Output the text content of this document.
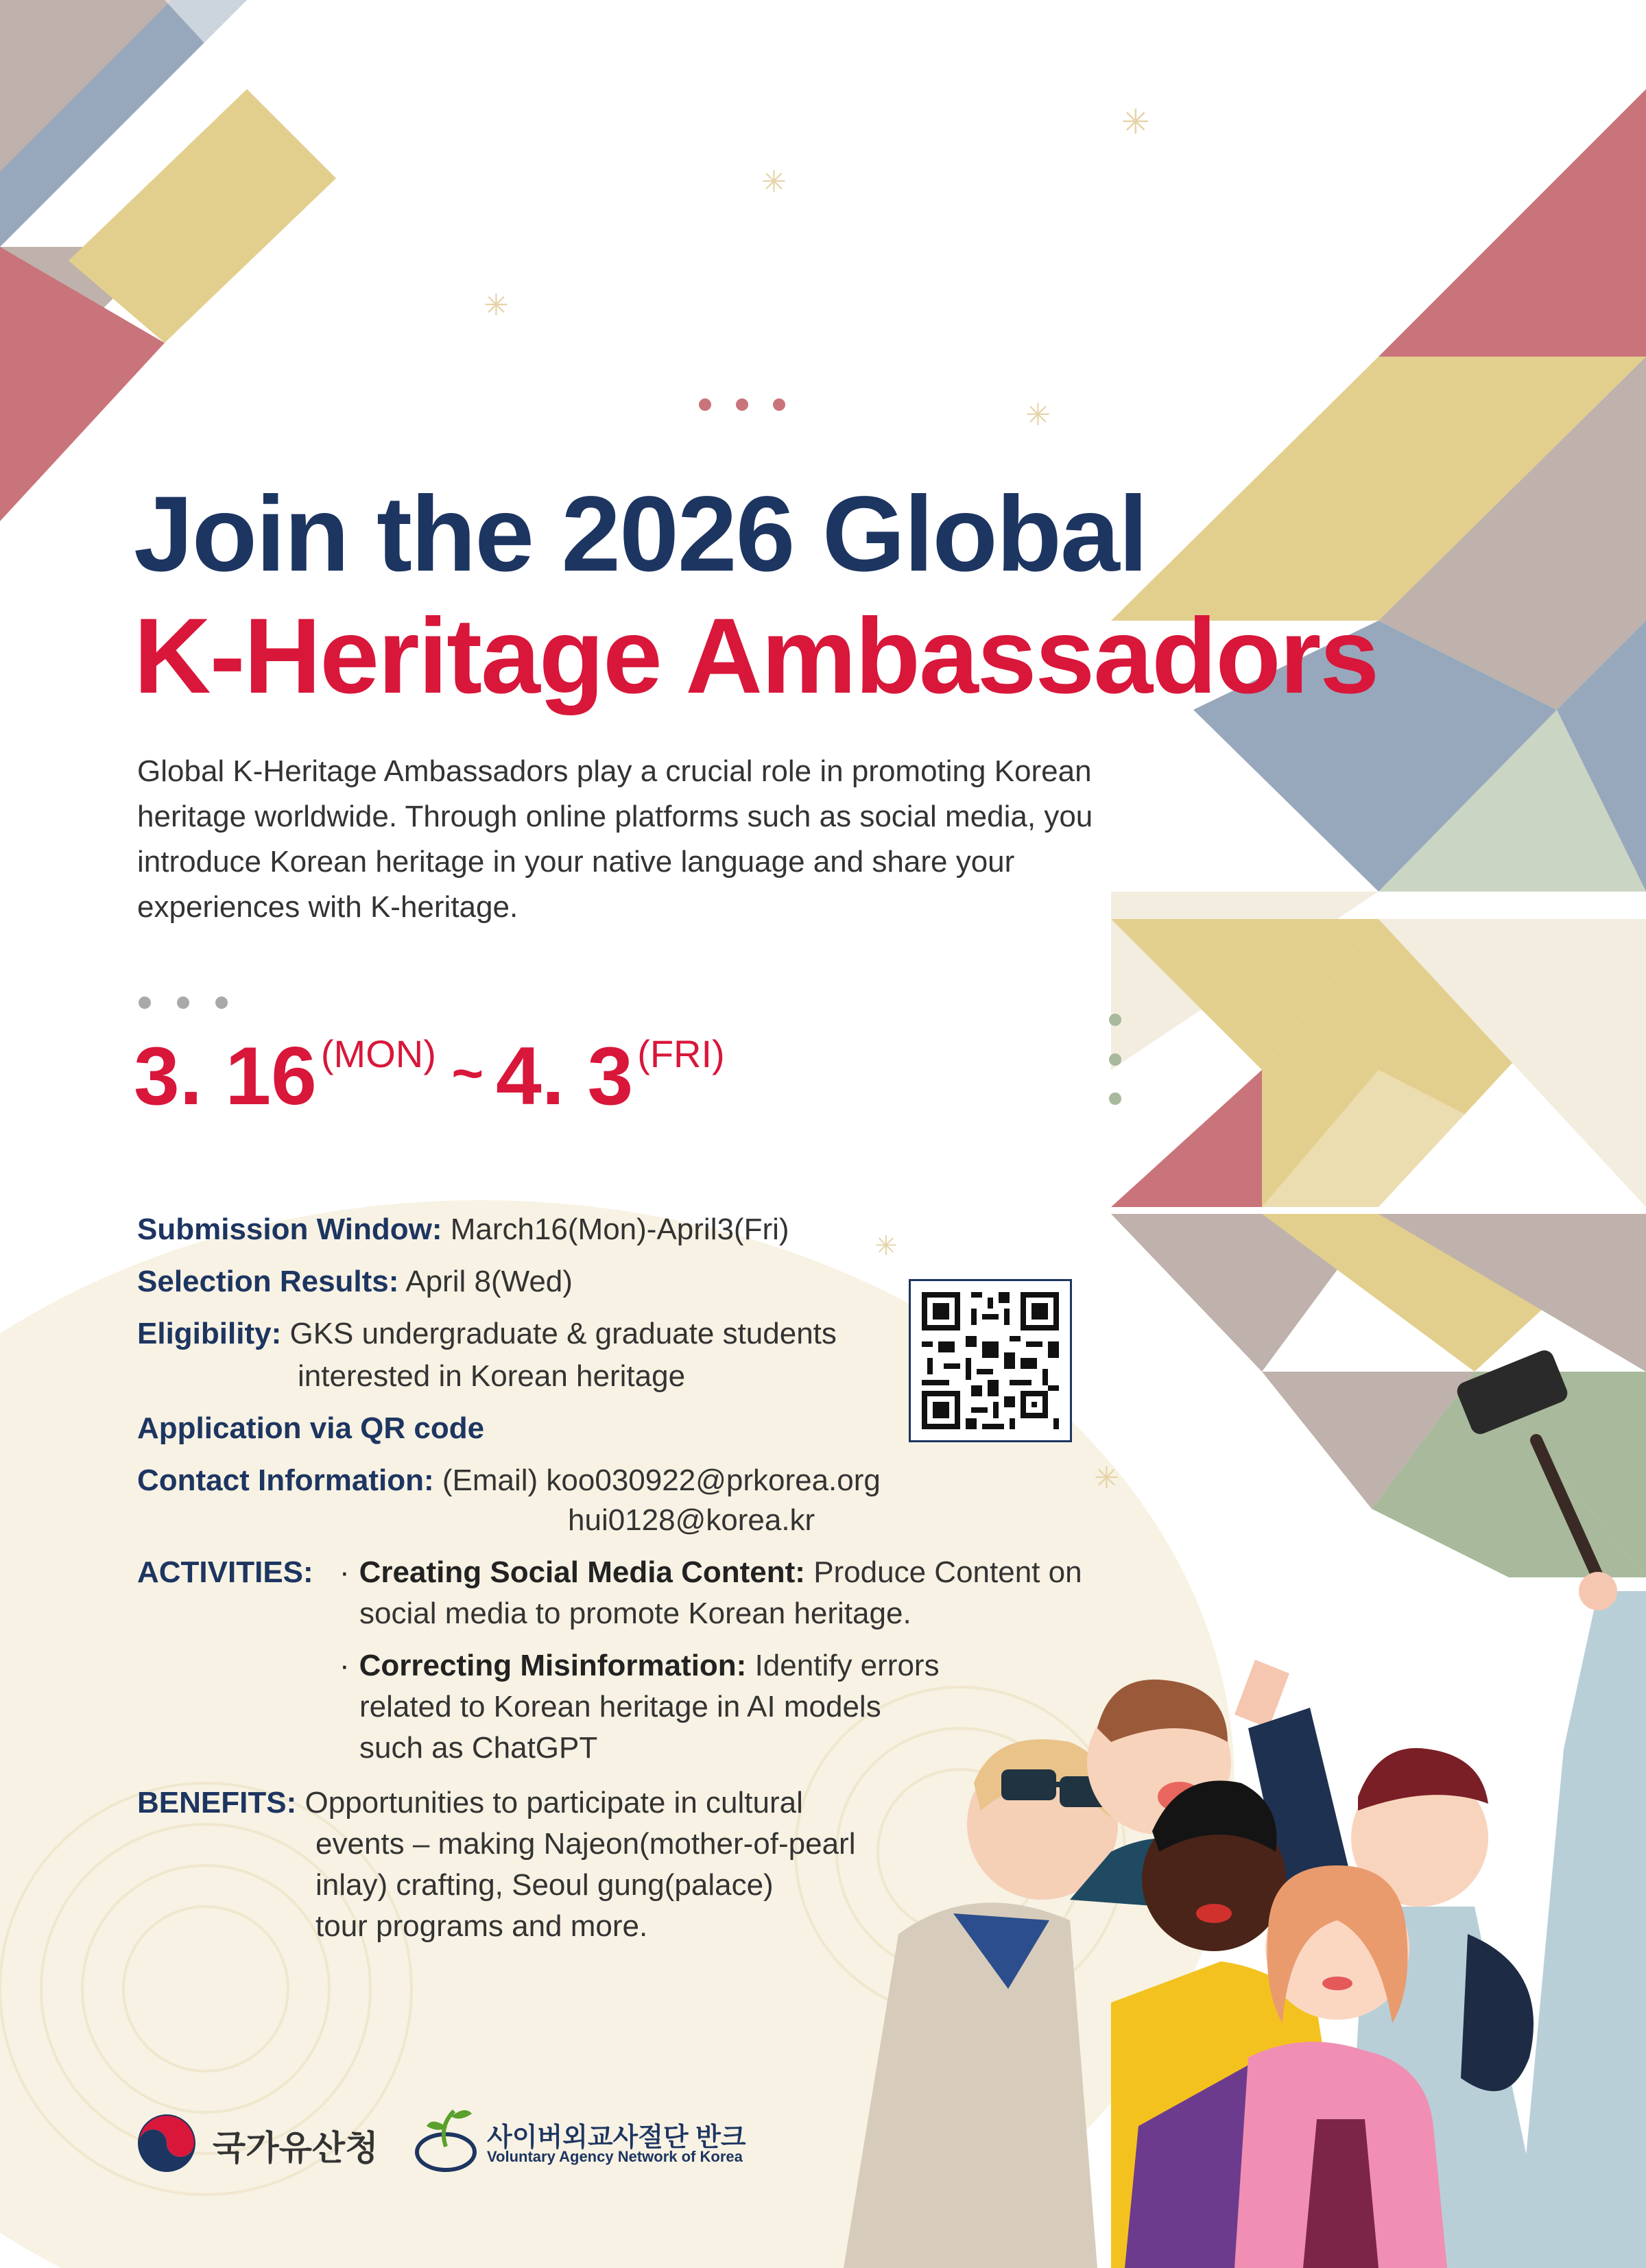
✳
✳
✳
✳
✳
✳
Join the 2026 Global
K-Heritage Ambassadors
Global K-Heritage Ambassadors play a crucial role in promoting Korean heritage worldwide. Through online platforms such as social media, you introduce Korean heritage in your native language and share your experiences with K-heritage.
3. 16 (MON) ~ 4. 3 (FRI)
Submission Window: March16(Mon)-April3(Fri)
Selection Results: April 8(Wed)
Eligibility: GKS undergraduate & graduate students
interested in Korean heritage
Application via QR code
Contact Information: (Email) koo030922@prkorea.org
hui0128@korea.kr
ACTIVITIES: · Creating Social Media Content: Produce Content on
social media to promote Korean heritage.
· Correcting Misinformation: Identify errors
related to Korean heritage in AI models
such as ChatGPT
BENEFITS: Opportunities to participate in cultural
events – making Najeon(mother-of-pearl
inlay) crafting, Seoul gung(palace)
tour programs and more.
국가유산청	사이버외교사절단 반크
Voluntary Agency Network of Korea
